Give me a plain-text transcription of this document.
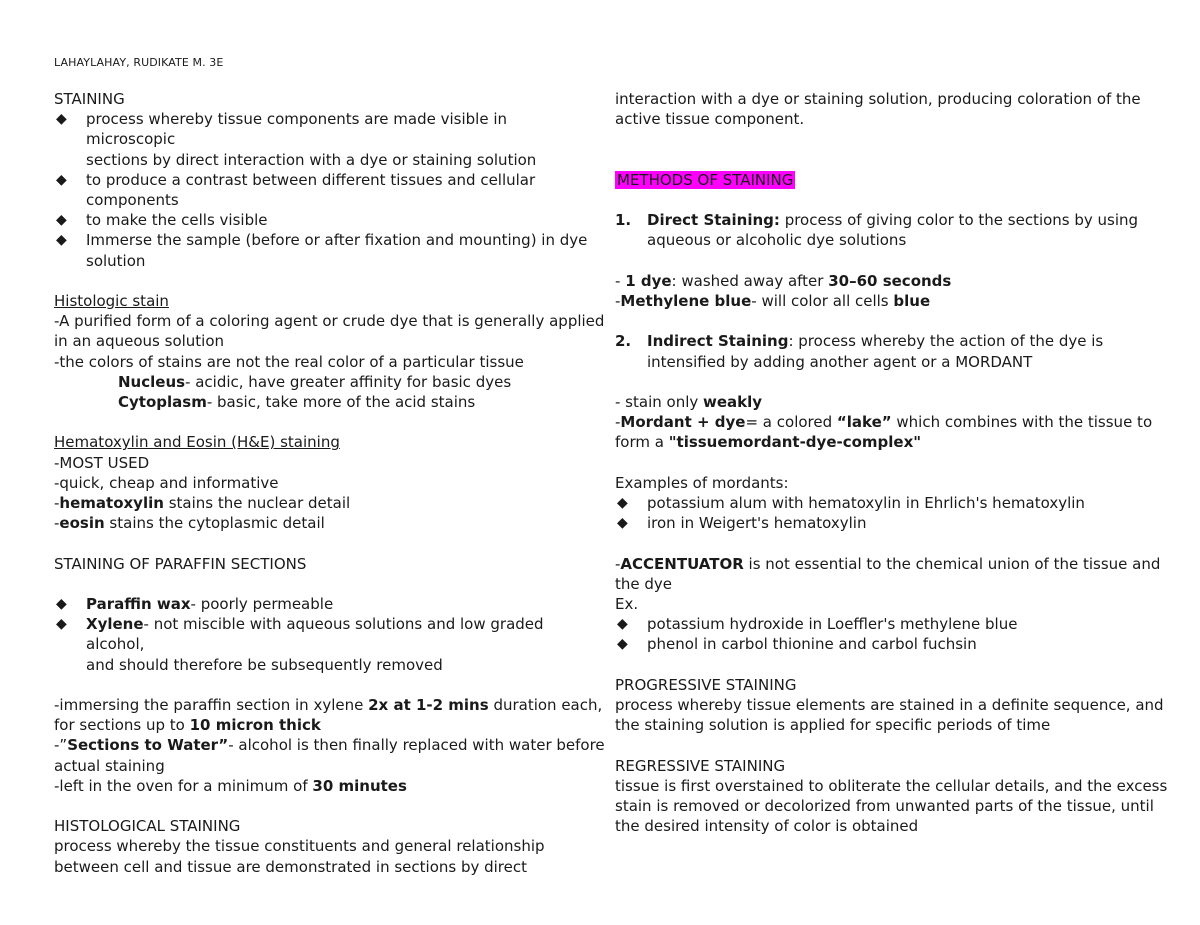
LAHAYLAHAY, RUDIKATE M. 3E
STAINING
◆ process whereby tissue components are made visible in microscopic
sections by direct interaction with a dye or staining solution
◆ to produce a contrast between different tissues and cellular
components
◆ to make the cells visible
◆ Immerse the sample (before or after fixation and mounting) in dye
solution
Histologic stain
-A purified form of a coloring agent or crude dye that is generally applied
in an aqueous solution
-the colors of stains are not the real color of a particular tissue
Nucleus- acidic, have greater affinity for basic dyes
Cytoplasm- basic, take more of the acid stains
Hematoxylin and Eosin (H&E) staining
-MOST USED
-quick, cheap and informative
-hematoxylin stains the nuclear detail
-eosin stains the cytoplasmic detail
STAINING OF PARAFFIN SECTIONS
◆ Paraffin wax- poorly permeable
◆ Xylene- not miscible with aqueous solutions and low graded alcohol,
and should therefore be subsequently removed
-immersing the paraffin section in xylene 2x at 1-2 mins duration each,
for sections up to 10 micron thick
-”Sections to Water”- alcohol is then finally replaced with water before
actual staining
-left in the oven for a minimum of 30 minutes
HISTOLOGICAL STAINING
process whereby the tissue constituents and general relationship
between cell and tissue are demonstrated in sections by direct
interaction with a dye or staining solution, producing coloration of the
active tissue component.
METHODS OF STAINING
1. Direct Staining: process of giving color to the sections by using
aqueous or alcoholic dye solutions
- 1 dye: washed away after 30–60 seconds
-Methylene blue- will color all cells blue
2. Indirect Staining: process whereby the action of the dye is
intensified by adding another agent or a MORDANT
- stain only weakly
-Mordant + dye= a colored “lake” which combines with the tissue to
form a "tissuemordant-dye-complex"
Examples of mordants:
◆ potassium alum with hematoxylin in Ehrlich's hematoxylin
◆ iron in Weigert's hematoxylin
-ACCENTUATOR is not essential to the chemical union of the tissue and
the dye
Ex.
◆ potassium hydroxide in Loeffler's methylene blue
◆ phenol in carbol thionine and carbol fuchsin
PROGRESSIVE STAINING
process whereby tissue elements are stained in a definite sequence, and
the staining solution is applied for specific periods of time
REGRESSIVE STAINING
tissue is first overstained to obliterate the cellular details, and the excess
stain is removed or decolorized from unwanted parts of the tissue, until
the desired intensity of color is obtained
